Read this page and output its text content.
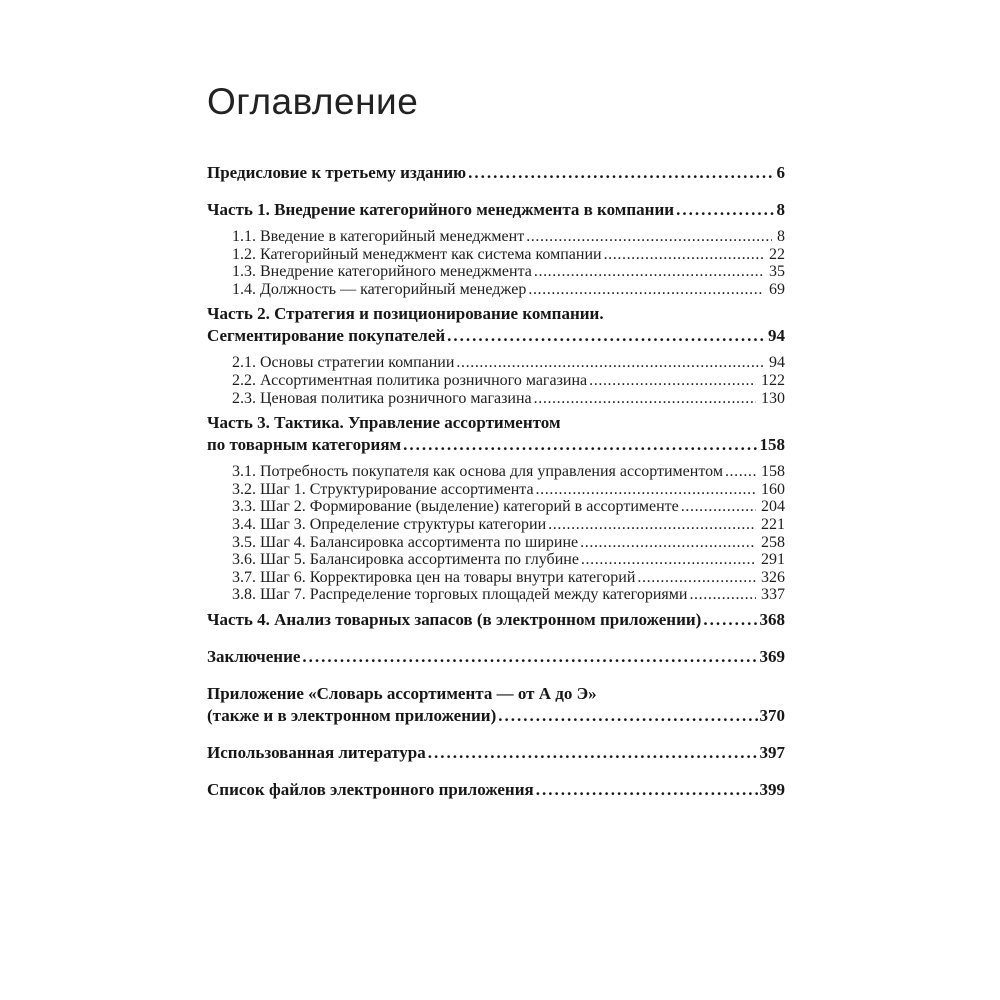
Оглавление
Предисловие к третьему изданию .....	6
Часть 1. Внедрение категорийного менеджмента в компании .....	8
1.1. Введение в категорийный менеджмент .....	8
1.2. Категорийный менеджмент как система компании .....	22
1.3. Внедрение категорийного менеджмента .....	35
1.4. Должность — категорийный менеджер .....	69
Часть 2. Стратегия и позиционирование компании.
Сегментирование покупателей .....	94
2.1. Основы стратегии компании .....	94
2.2. Ассортиментная политика розничного магазина .....	122
2.3. Ценовая политика розничного магазина .....	130
Часть 3. Тактика. Управление ассортиментом
по товарным категориям .....	158
3.1. Потребность покупателя как основа для управления ассортиментом ..... 158
3.2. Шаг 1. Структурирование ассортимента .....	160
3.3. Шаг 2. Формирование (выделение) категорий в ассортименте .....	204
3.4. Шаг 3. Определение структуры категории .....	221
3.5. Шаг 4. Балансировка ассортимента по ширине .....	258
3.6. Шаг 5. Балансировка ассортимента по глубине .....	291
3.7. Шаг 6. Корректировка цен на товары внутри категорий .....	326
3.8. Шаг 7. Распределение торговых площадей между категориями .....	337
Часть 4. Анализ товарных запасов (в электронном приложении) .....	368
Заключение .....	369
Приложение «Словарь ассортимента — от А до Э»
(также и в электронном приложении) .....	370
Использованная литература .....	397
Список файлов электронного приложения .....	399
